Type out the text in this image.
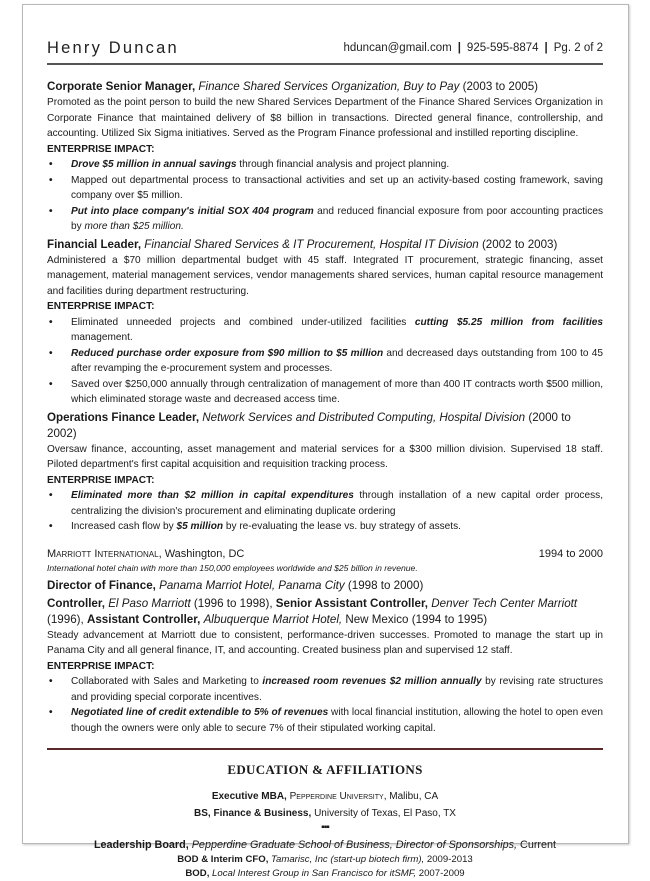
Henry Duncan	hduncan@gmail.com | 925-595-8874 | Pg. 2 of 2
Corporate Senior Manager, Finance Shared Services Organization, Buy to Pay (2003 to 2005)
Promoted as the point person to build the new Shared Services Department of the Finance Shared Services Organization in Corporate Finance that maintained delivery of $8 billion in transactions. Directed general finance, controllership, and accounting. Utilized Six Sigma initiatives. Served as the Program Finance professional and instilled reporting discipline.
ENTERPRISE IMPACT:
• Drove $5 million in annual savings through financial analysis and project planning.
• Mapped out departmental process to transactional activities and set up an activity-based costing framework, saving company over $5 million.
• Put into place company's initial SOX 404 program and reduced financial exposure from poor accounting practices by more than $25 million.
Financial Leader, Financial Shared Services & IT Procurement, Hospital IT Division (2002 to 2003)
Administered a $70 million departmental budget with 45 staff. Integrated IT procurement, strategic financing, asset management, material management services, vendor managements shared services, human capital resource management and facilities during department restructuring.
ENTERPRISE IMPACT:
• Eliminated unneeded projects and combined under-utilized facilities cutting $5.25 million from facilities management.
• Reduced purchase order exposure from $90 million to $5 million and decreased days outstanding from 100 to 45 after revamping the e-procurement system and processes.
• Saved over $250,000 annually through centralization of management of more than 400 IT contracts worth $500 million, which eliminated storage waste and decreased access time.
Operations Finance Leader, Network Services and Distributed Computing, Hospital Division (2000 to 2002)
Oversaw finance, accounting, asset management and material services for a $300 million division. Supervised 18 staff. Piloted department's first capital acquisition and requisition tracking process.
ENTERPRISE IMPACT:
• Eliminated more than $2 million in capital expenditures through installation of a new capital order process, centralizing the division's procurement and eliminating duplicate ordering
• Increased cash flow by $5 million by re-evaluating the lease vs. buy strategy of assets.
Marriott International, Washington, DC	1994 to 2000
International hotel chain with more than 150,000 employees worldwide and $25 billion in revenue.
Director of Finance, Panama Marriot Hotel, Panama City (1998 to 2000)
Controller, El Paso Marriott (1996 to 1998), Senior Assistant Controller, Denver Tech Center Marriott (1996), Assistant Controller, Albuquerque Marriot Hotel, New Mexico (1994 to 1995)
Steady advancement at Marriott due to consistent, performance-driven successes. Promoted to manage the start up in Panama City and all general finance, IT, and accounting. Created business plan and supervised 12 staff.
ENTERPRISE IMPACT:
• Collaborated with Sales and Marketing to increased room revenues $2 million annually by revising rate structures and providing special corporate incentives.
• Negotiated line of credit extendible to 5% of revenues with local financial institution, allowing the hotel to open even though the owners were only able to secure 7% of their stipulated working capital.
EDUCATION & AFFILIATIONS
Executive MBA, Pepperdine University, Malibu, CA
BS, Finance & Business, University of Texas, El Paso, TX
▪▪▪
Leadership Board, Pepperdine Graduate School of Business, Director of Sponsorships, Current
BOD & Interim CFO, Tamarisc, Inc (start-up biotech firm), 2009-2013
BOD, Local Interest Group in San Francisco for itSMF, 2007-2009
